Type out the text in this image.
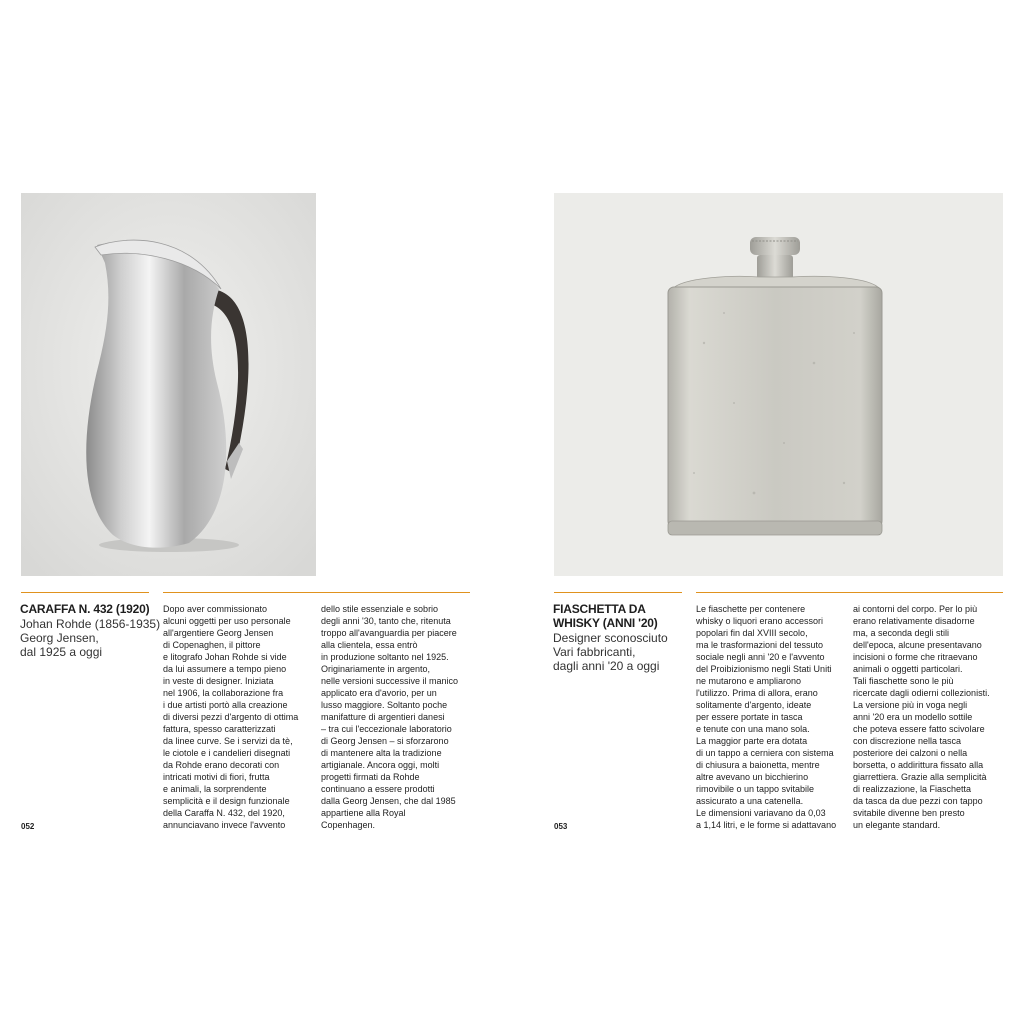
CARAFFA N. 432 (1920)
Johan Rohde (1856-1935)
Georg Jensen,
dal 1925 a oggi
Dopo aver commissionato
alcuni oggetti per uso personale
all'argentiere Georg Jensen
di Copenaghen, il pittore
e litografo Johan Rohde si vide
da lui assumere a tempo pieno
in veste di designer. Iniziata
nel 1906, la collaborazione fra
i due artisti portò alla creazione
di diversi pezzi d'argento di ottima
fattura, spesso caratterizzati
da linee curve. Se i servizi da tè,
le ciotole e i candelieri disegnati
da Rohde erano decorati con
intricati motivi di fiori, frutta
e animali, la sorprendente
semplicità e il design funzionale
della Caraffa N. 432, del 1920,
annunciavano invece l'avvento
dello stile essenziale e sobrio
degli anni '30, tanto che, ritenuta
troppo all'avanguardia per piacere
alla clientela, essa entrò
in produzione soltanto nel 1925.
Originariamente in argento,
nelle versioni successive il manico
applicato era d'avorio, per un
lusso maggiore. Soltanto poche
manifatture di argentieri danesi
– tra cui l'eccezionale laboratorio
di Georg Jensen – si sforzarono
di mantenere alta la tradizione
artigianale. Ancora oggi, molti
progetti firmati da Rohde
continuano a essere prodotti
dalla Georg Jensen, che dal 1985
appartiene alla Royal
Copenhagen.
052
FIASCHETTA DA
WHISKY (ANNI '20)
Designer sconosciuto
Vari fabbricanti,
dagli anni '20 a oggi
Le fiaschette per contenere
whisky o liquori erano accessori
popolari fin dal XVIII secolo,
ma le trasformazioni del tessuto
sociale negli anni '20 e l'avvento
del Proibizionismo negli Stati Uniti
ne mutarono e ampliarono
l'utilizzo. Prima di allora, erano
solitamente d'argento, ideate
per essere portate in tasca
e tenute con una mano sola.
La maggior parte era dotata
di un tappo a cerniera con sistema
di chiusura a baionetta, mentre
altre avevano un bicchierino
rimovibile o un tappo svitabile
assicurato a una catenella.
Le dimensioni variavano da 0,03
a 1,14 litri, e le forme si adattavano
ai contorni del corpo. Per lo più
erano relativamente disadorne
ma, a seconda degli stili
dell'epoca, alcune presentavano
incisioni o forme che ritraevano
animali o oggetti particolari.
Tali fiaschette sono le più
ricercate dagli odierni collezionisti.
La versione più in voga negli
anni '20 era un modello sottile
che poteva essere fatto scivolare
con discrezione nella tasca
posteriore dei calzoni o nella
borsetta, o addirittura fissato alla
giarrettiera. Grazie alla semplicità
di realizzazione, la Fiaschetta
da tasca da due pezzi con tappo
svitabile divenne ben presto
un elegante standard.
053
